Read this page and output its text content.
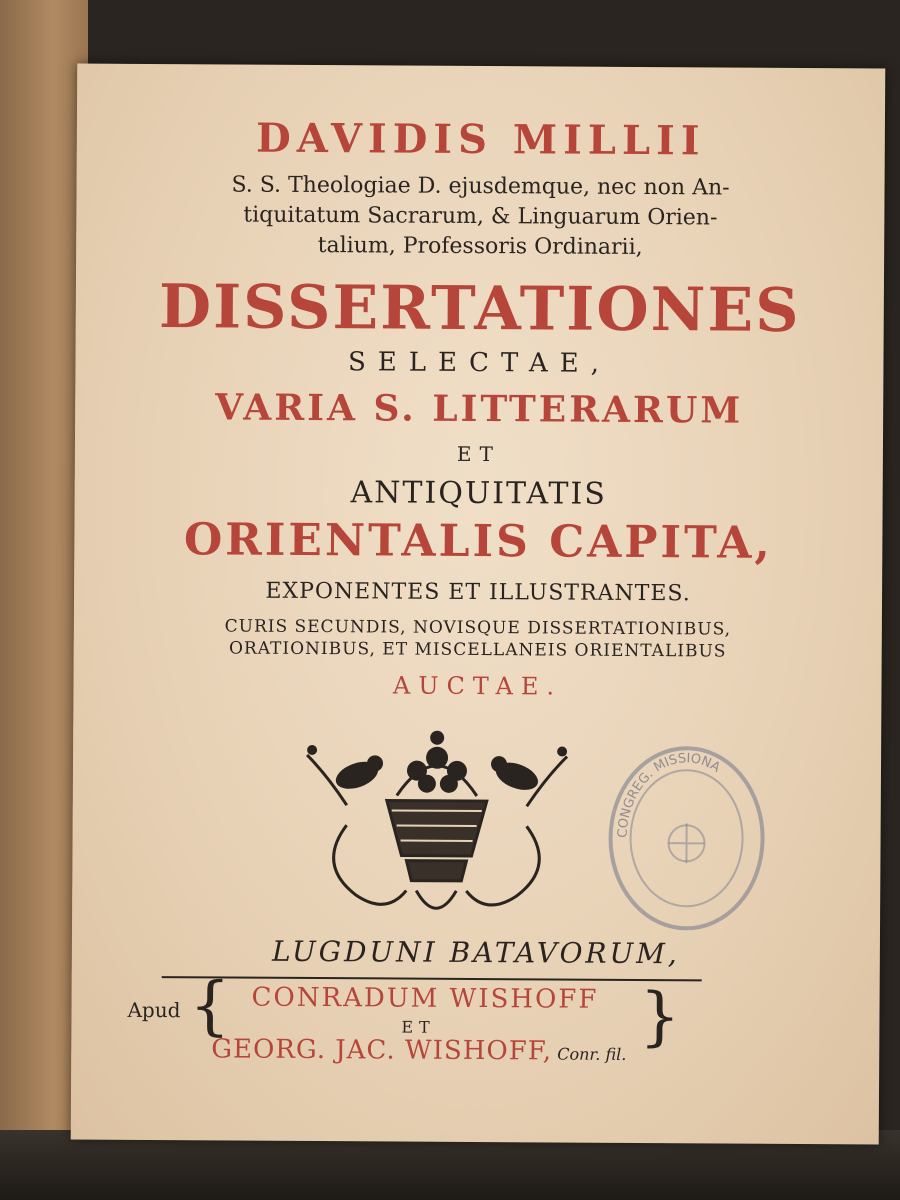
DAVIDIS MILLII
S. S. Theologiae D. ejusdemque, nec non An-
tiquitatum Sacrarum, & Linguarum Orien-
talium, Professoris Ordinarii,
DISSERTATIONES
SELECTAE,
VARIA S. LITTERARUM
ET
ANTIQUITATIS
ORIENTALIS CAPITA,
EXPONENTES ET ILLUSTRANTES.
CURIS SECUNDIS, NOVISQUE DISSERTATIONIBUS,
ORATIONIBUS, ET MISCELLANEIS ORIENTALIBUS
AUCTAE.
CONGREG. MISSIONA
LUGDUNI BATAVORUM,
Apud { CONRADUM WISHOFF
ET
GEORG. JAC. WISHOFF, Conr. fil. }
